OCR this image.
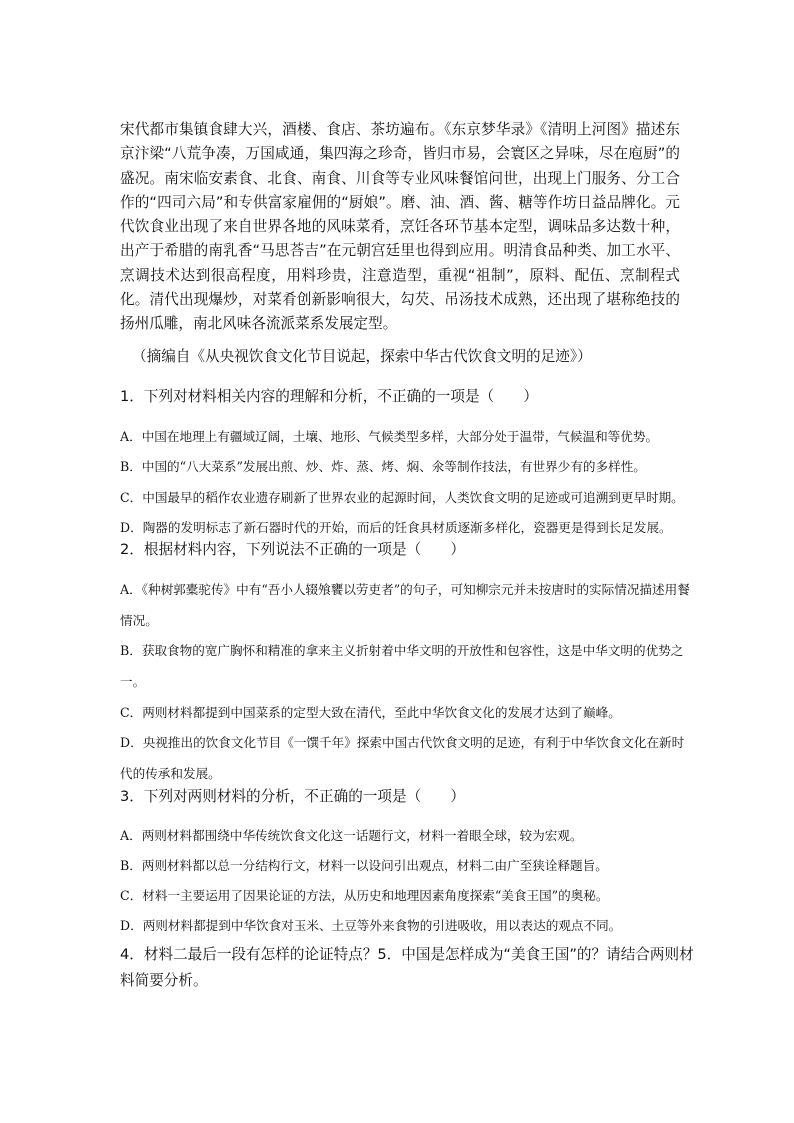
宋代都市集镇食肆大兴，酒楼、食店、茶坊遍布。《东京梦华录》《清明上河图》描述东京汴梁“八荒争凑，万国咸通，集四海之珍奇，皆归市易，会寰区之异味，尽在庖厨”的盛况。南宋临安素食、北食、南食、川食等专业风味餐馆问世，出现上门服务、分工合作的“四司六局”和专供富家雇佣的“厨娘”。磨、油、酒、酱、糖等作坊日益品牌化。元代饮食业出现了来自世界各地的风味菜肴，烹饪各环节基本定型，调味品多达数十种，出产于希腊的南乳香“马思荅吉”在元朝宫廷里也得到应用。明清食品种类、加工水平、烹调技术达到很高程度，用料珍贵，注意造型，重视“祖制”，原料、配伍、烹制程式化。清代出现爆炒，对菜肴创新影响很大，勾芡、吊汤技术成熟，还出现了堪称绝技的扬州瓜雕，南北风味各流派菜系发展定型。

（摘编自《从央视饮食文化节目说起，探索中华古代饮食文明的足迹》）

1．下列对材料相关内容的理解和分析，不正确的一项是（　　）

A．中国在地理上有疆域辽阔，土壤、地形、气候类型多样，大部分处于温带，气候温和等优势。

B．中国的“八大菜系”发展出煎、炒、炸、蒸、烤、焖、氽等制作技法，有世界少有的多样性。

C．中国最早的稻作农业遗存刷新了世界农业的起源时间，人类饮食文明的足迹或可追溯到更早时期。

D．陶器的发明标志了新石器时代的开始，而后的饪食具材质逐渐多样化，瓷器更是得到长足发展。

2．根据材料内容，下列说法不正确的一项是（　　）

A．《种树郭橐驼传》中有“吾小人辍飧饔以劳吏者”的句子，可知柳宗元并未按唐时的实际情况描述用餐情况。

B．获取食物的宽广胸怀和精准的拿来主义折射着中华文明的开放性和包容性，这是中华文明的优势之一。

C．两则材料都提到中国菜系的定型大致在清代，至此中华饮食文化的发展才达到了巅峰。

D．央视推出的饮食文化节目《一馔千年》探索中国古代饮食文明的足迹，有利于中华饮食文化在新时代的传承和发展。

3．下列对两则材料的分析，不正确的一项是（　　）

A．两则材料都围绕中华传统饮食文化这一话题行文，材料一着眼全球，较为宏观。

B．两则材料都以总一分结构行文，材料一以设问引出观点，材料二由广至狭诠释题旨。

C．材料一主要运用了因果论证的方法，从历史和地理因素角度探索“美食王国”的奥秘。

D．两则材料都提到中华饮食对玉米、土豆等外来食物的引进吸收，用以表达的观点不同。

4．材料二最后一段有怎样的论证特点？5．中国是怎样成为“美食王国”的？请结合两则材料简要分析。
